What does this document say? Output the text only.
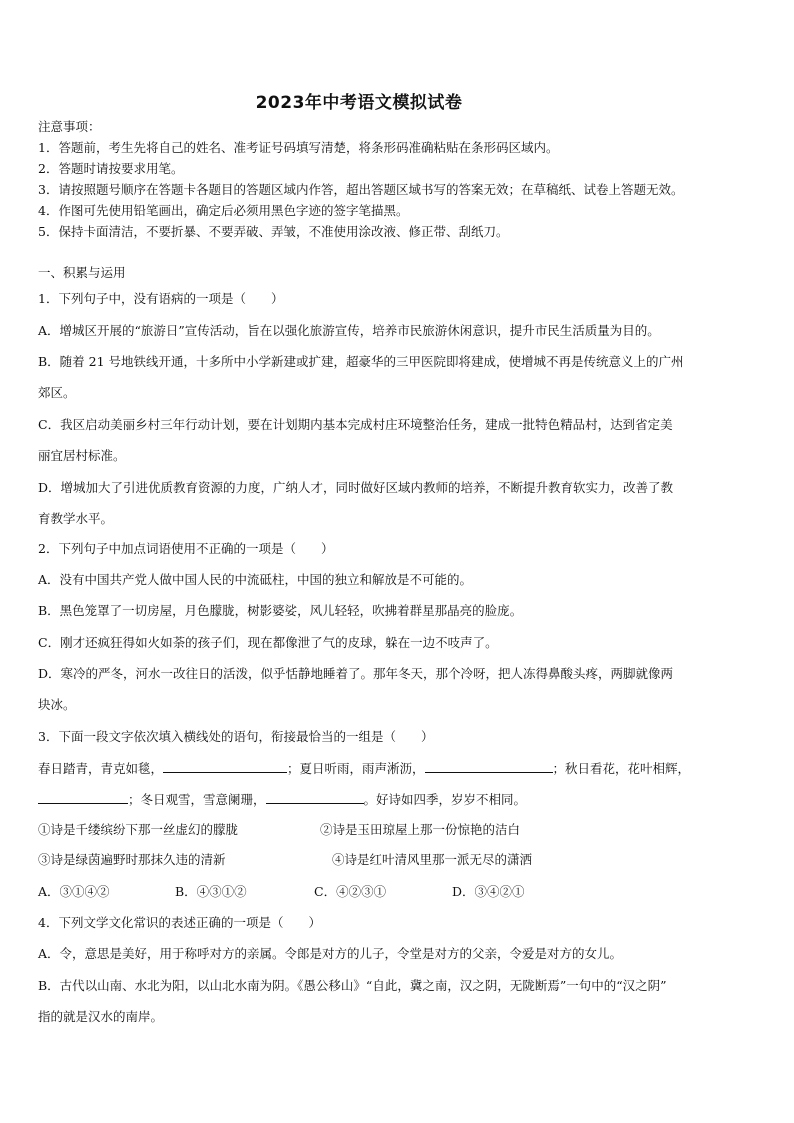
2023年中考语文模拟试卷
注意事项：
1．答题前，考生先将自己的姓名、准考证号码填写清楚，将条形码准确粘贴在条形码区域内。
2．答题时请按要求用笔。
3．请按照题号顺序在答题卡各题目的答题区域内作答，超出答题区域书写的答案无效；在草稿纸、试卷上答题无效。
4．作图可先使用铅笔画出，确定后必须用黑色字迹的签字笔描黑。
5．保持卡面清洁，不要折暴、不要弄破、弄皱，不准使用涂改液、修正带、刮纸刀。
一、积累与运用
1．下列句子中，没有语病的一项是（　　）
A．增城区开展的“旅游日”宣传活动，旨在以强化旅游宣传，培养市民旅游休闲意识，提升市民生活质量为目的。
B．随着 21 号地铁线开通，十多所中小学新建或扩建，超豪华的三甲医院即将建成，使增城不再是传统意义上的广州
郊区。
C．我区启动美丽乡村三年行动计划，要在计划期内基本完成村庄环境整治任务，建成一批特色精品村，达到省定美
丽宜居村标准。
D．增城加大了引进优质教育资源的力度，广纳人才，同时做好区域内教师的培养，不断提升教育软实力，改善了教
育教学水平。
2．下列句子中加点词语使用不正确的一项是（　　）
A．没有中国共产党人做中国人民的中流砥柱，中国的独立和解放是不可能的。
B．黑色笼罩了一切房屋，月色朦胧，树影婆娑，风儿轻轻，吹拂着群星那晶亮的脸庞。
C．刚才还疯狂得如火如荼的孩子们，现在都像泄了气的皮球，躲在一边不吱声了。
D．寒冷的严冬，河水一改往日的活泼，似乎恬静地睡着了。那年冬天，那个冷呀，把人冻得鼻酸头疼，两脚就像两
块冰。
3．下面一段文字依次填入横线处的语句，衔接最恰当的一组是（　　）
春日踏青，青克如毯，	；夏日听雨，雨声淅沥，	；秋日看花，花叶相辉，
；冬日观雪，雪意阑珊，	。好诗如四季，岁岁不相同。
①诗是千缕缤纷下那一丝虚幻的朦胧	②诗是玉田琼屋上那一份惊艳的洁白
③诗是绿茵遍野时那抹久违的清新	④诗是红叶清风里那一派无尽的潇洒
A．③①④②	B．④③①②	C．④②③①	D．③④②①
4．下列文学文化常识的表述正确的一项是（　　）
A．令，意思是美好，用于称呼对方的亲属。令郎是对方的儿子，令堂是对方的父亲，令爱是对方的女儿。
B．古代以山南、水北为阳，以山北水南为阴。《愚公移山》“自此，冀之南，汉之阴，无陇断焉”一句中的“汉之阴”
指的就是汉水的南岸。
